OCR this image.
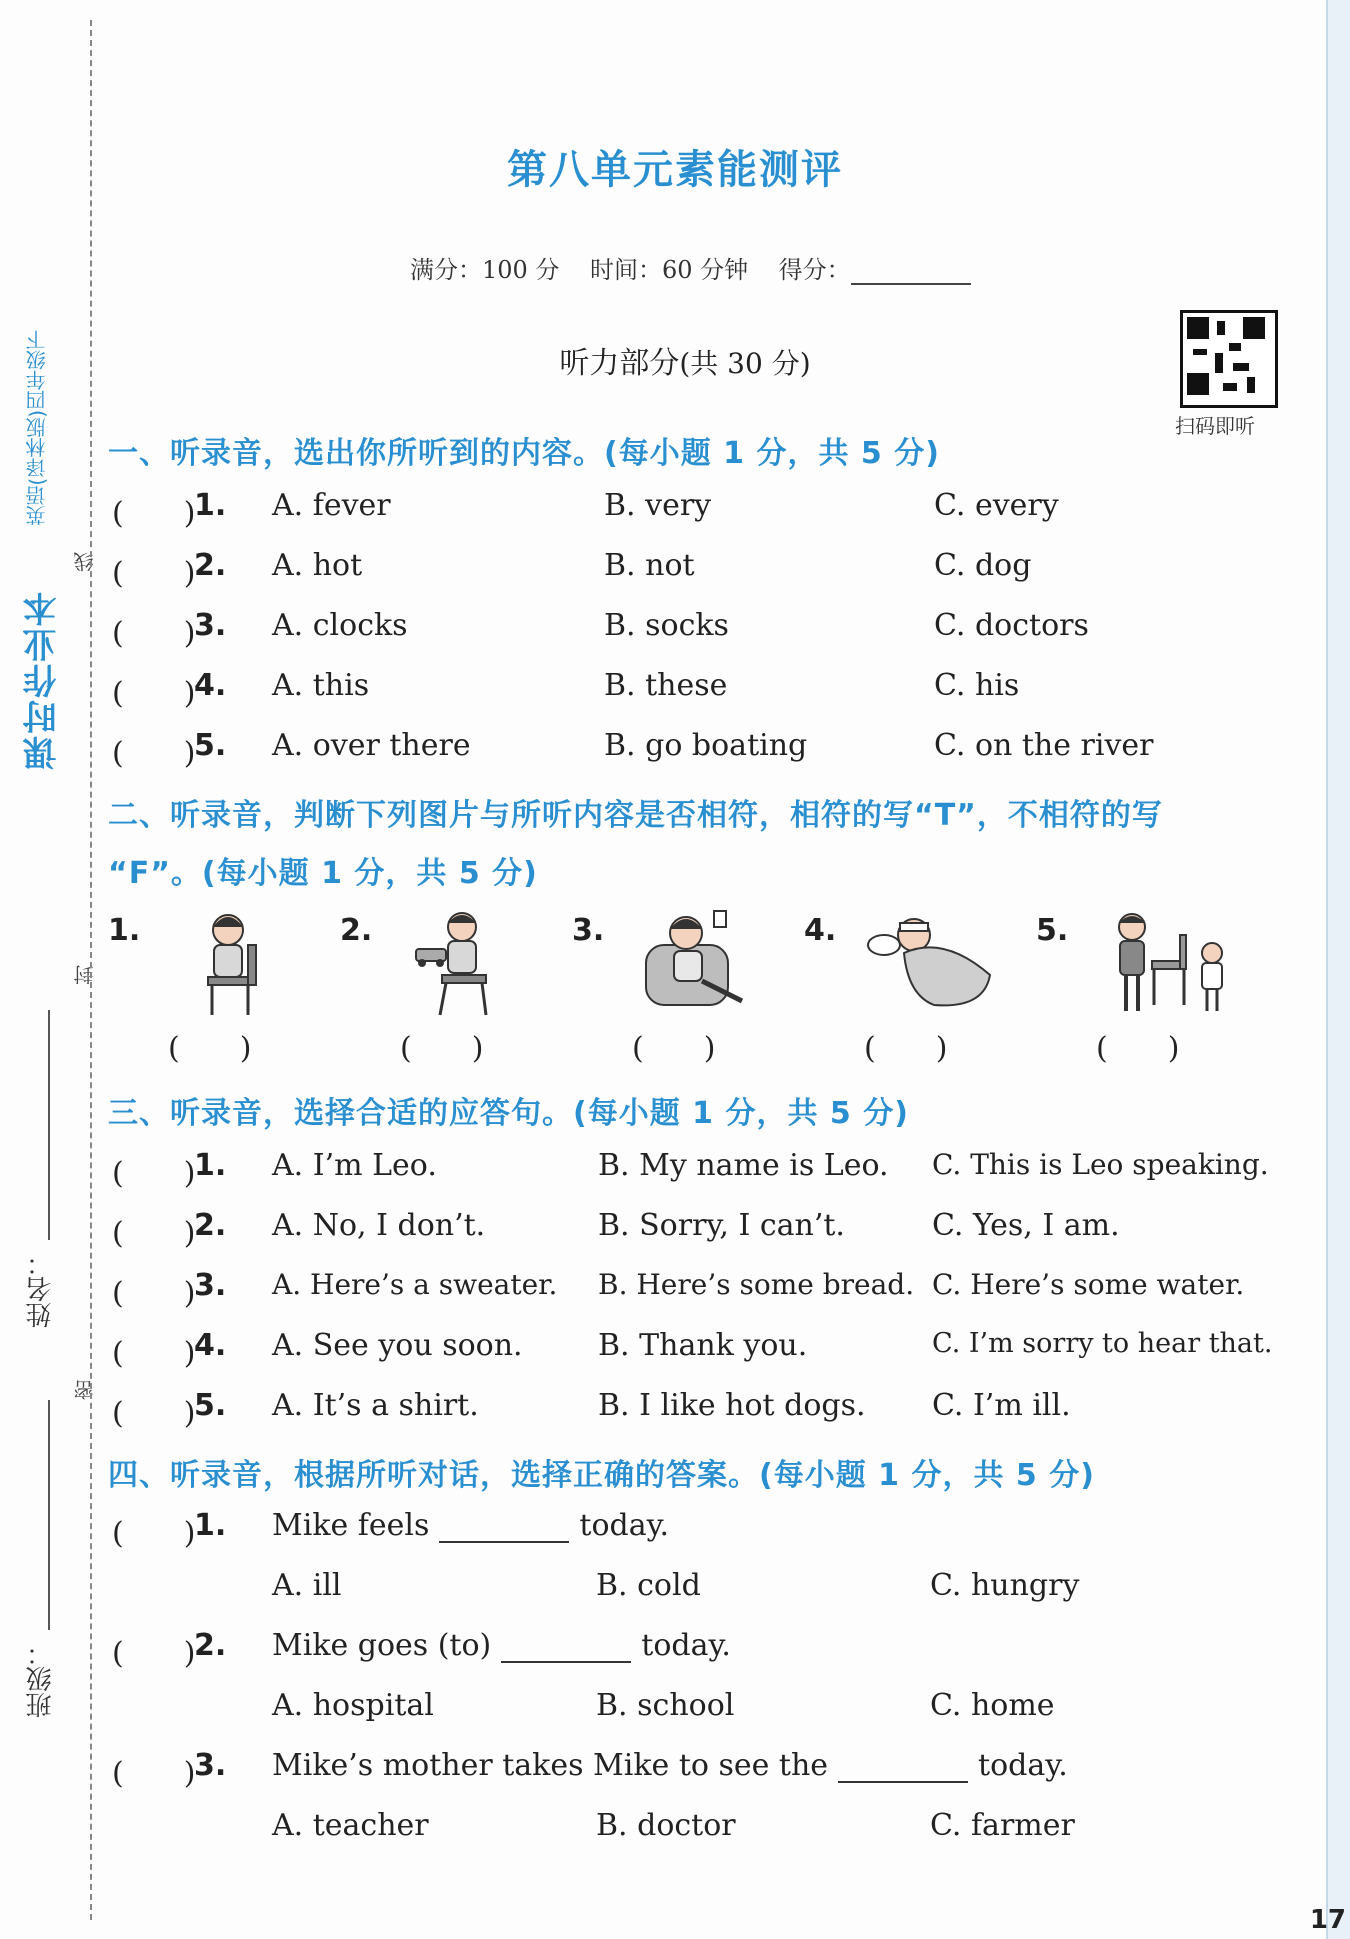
课时作业本
英语(译林版)四年级下
线
封
密
姓名：
班级：
17
第八单元素能测评
满分：100 分 时间：60 分钟 得分：
听力部分(共 30 分)
扫码即听
一、听录音，选出你所听到的内容。(每小题 1 分，共 5 分)
(　　)
1. A. fever	B. very	C. every
(　　)
2. A. hot	B. not	C. dog
(　　)
3. A. clocks	B. socks	C. doctors
(　　)
4. A. this	B. these	C. his
(　　)
5. A. over there	B. go boating	C. on the river
二、听录音，判断下列图片与所听内容是否相符，相符的写“T”，不相符的写
“F”。(每小题 1 分，共 5 分)
1.
(　　)
2.
(　　)
3.
(　　)
4.
(　　)
5.
(　　)
三、听录音，选择合适的应答句。(每小题 1 分，共 5 分)
(　　)
1. A. I’m Leo.	B. My name is Leo. C. This is Leo speaking.
(　　)
2. A. No, I don’t.	B. Sorry, I can’t.	C. Yes, I am.
(　　)
3. A. Here’s a sweater. B. Here’s some bread. C. Here’s some water.
(　　)
4. A. See you soon.	B. Thank you.	C. I’m sorry to hear that.
(　　)
5. A. It’s a shirt.	B. I like hot dogs. C. I’m ill.
四、听录音，根据所听对话，选择正确的答案。(每小题 1 分，共 5 分)
(　　)
1. Mike feels	today.
A. ill	B. cold	C. hungry
(　　)
2. Mike goes (to)	today.
A. hospital	B. school	C. home
(　　)
3. Mike’s mother takes Mike to see the	today.
A. teacher	B. doctor	C. farmer
